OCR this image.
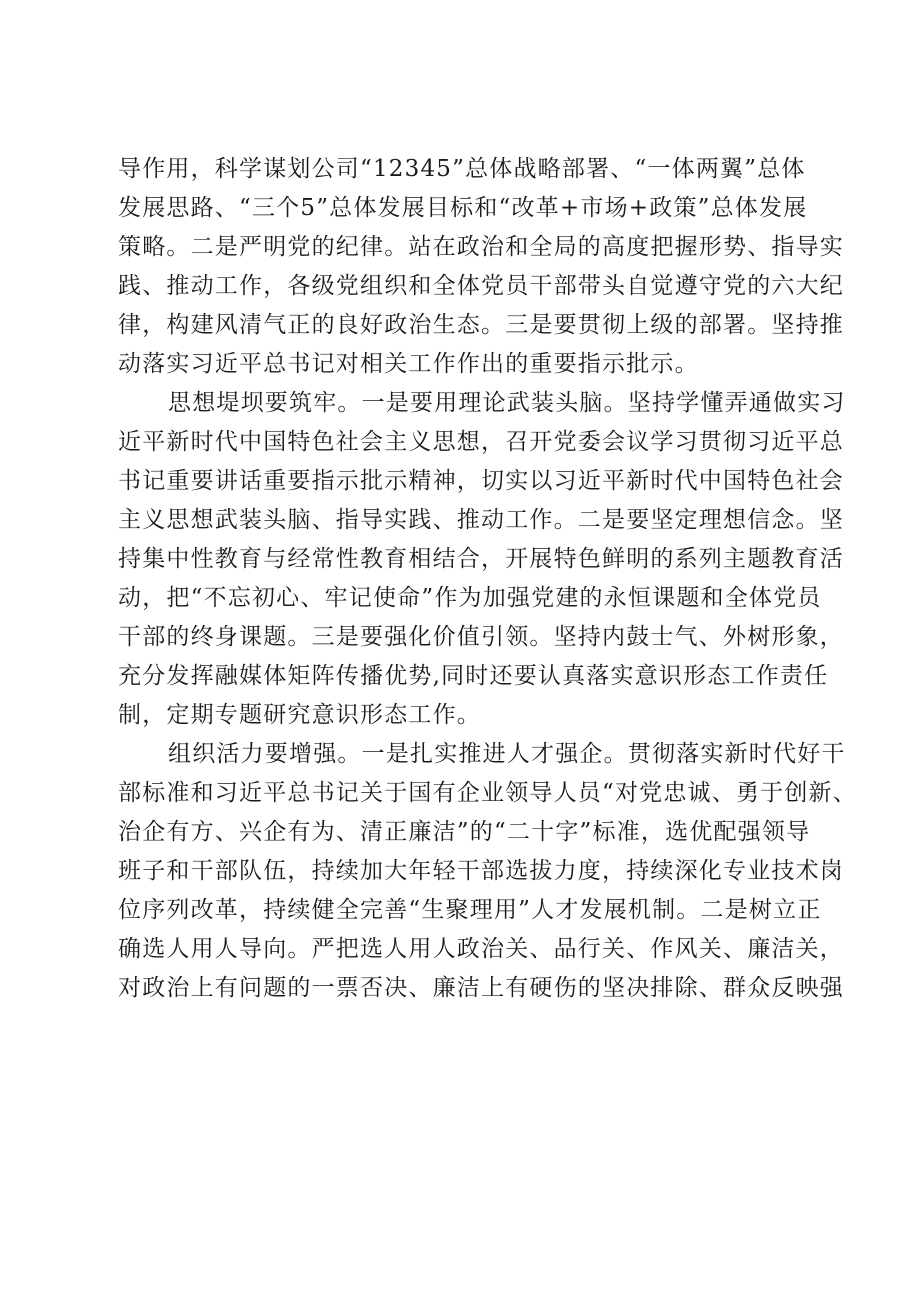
导作用，科学谋划公司“12345”总体战略部署、“一体两翼”总体
发展思路、“三个5”总体发展目标和“改革+市场+政策”总体发展
策略。二是严明党的纪律。站在政治和全局的高度把握形势、指导实
践、推动工作，各级党组织和全体党员干部带头自觉遵守党的六大纪
律，构建风清气正的良好政治生态。三是要贯彻上级的部署。坚持推
动落实习近平总书记对相关工作作出的重要指示批示。
思想堤坝要筑牢。一是要用理论武装头脑。坚持学懂弄通做实习
近平新时代中国特色社会主义思想，召开党委会议学习贯彻习近平总
书记重要讲话重要指示批示精神，切实以习近平新时代中国特色社会
主义思想武装头脑、指导实践、推动工作。二是要坚定理想信念。坚
持集中性教育与经常性教育相结合，开展特色鲜明的系列主题教育活
动，把“不忘初心、牢记使命”作为加强党建的永恒课题和全体党员
干部的终身课题。三是要强化价值引领。坚持内鼓士气、外树形象，
充分发挥融媒体矩阵传播优势,同时还要认真落实意识形态工作责任
制，定期专题研究意识形态工作。
组织活力要增强。一是扎实推进人才强企。贯彻落实新时代好干
部标准和习近平总书记关于国有企业领导人员“对党忠诚、勇于创新、
治企有方、兴企有为、清正廉洁”的“二十字”标准，选优配强领导
班子和干部队伍，持续加大年轻干部选拔力度，持续深化专业技术岗
位序列改革，持续健全完善“生聚理用”人才发展机制。二是树立正
确选人用人导向。严把选人用人政治关、品行关、作风关、廉洁关，
对政治上有问题的一票否决、廉洁上有硬伤的坚决排除、群众反映强
